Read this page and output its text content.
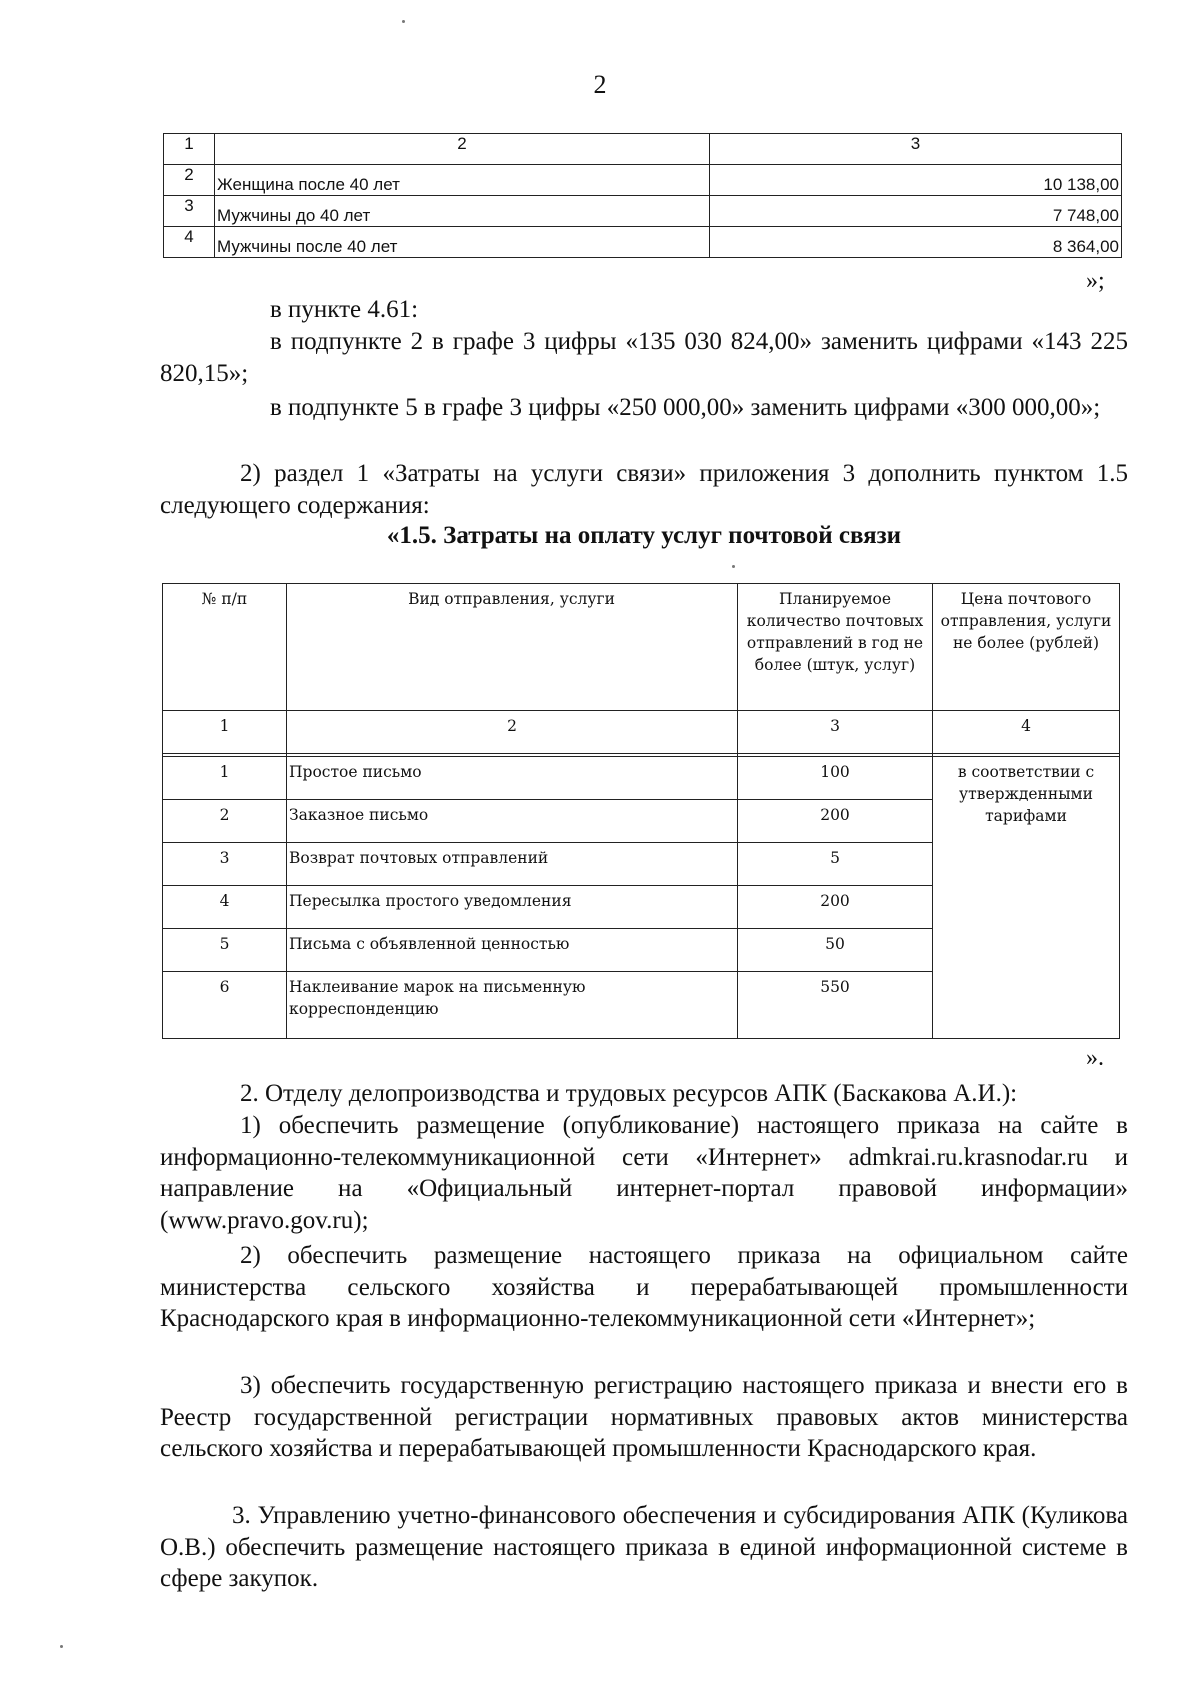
2
1	2	3
2	Женщина после 40 лет	10 138,00
3	Мужчины до 40 лет	7 748,00
4	Мужчины после 40 лет	8 364,00
»;
в пункте 4.61:
в подпункте 2 в графе 3 цифры «135 030 824,00» заменить цифрами «143 225 820,15»;
в подпункте 5 в графе 3 цифры «250 000,00» заменить цифрами «300 000,00»;
2) раздел 1 «Затраты на услуги связи» приложения 3 дополнить пунктом 1.5 следующего содержания:
«1.5. Затраты на оплату услуг почтовой связи
№ п/п	Вид отправления, услуги	Планируемое количество почтовых отправлений в год не более (штук, услуг)	Цена почтового отправления, услуги не более (рублей)
1	2	3	4

1	Простое письмо	100	в соответствии с утвержденными тарифами
2	Заказное письмо	200	
3	Возврат почтовых отправлений	5	
4	Пересылка простого уведомления	200	
5	Письма с объявленной ценностью	50	
6	Наклеивание марок на письменную корреспонденцию	550	
».
2. Отделу делопроизводства и трудовых ресурсов АПК (Баскакова А.И.):
1) обеспечить размещение (опубликование) настоящего приказа на сайте в информационно-телекоммуникационной сети «Интернет» admkrai.ru.krasnodar.ru и направление на «Официальный интернет-портал правовой информации» (www.pravo.gov.ru);
2) обеспечить размещение настоящего приказа на официальном сайте министерства сельского хозяйства и перерабатывающей промышленности Краснодарского края в информационно-телекоммуникационной сети «Интернет»;
3) обеспечить государственную регистрацию настоящего приказа и внести его в Реестр государственной регистрации нормативных правовых актов министерства сельского хозяйства и перерабатывающей промышленности Краснодарского края.
3. Управлению учетно-финансового обеспечения и субсидирования АПК (Куликова О.В.) обеспечить размещение настоящего приказа в единой информационной системе в сфере закупок.
